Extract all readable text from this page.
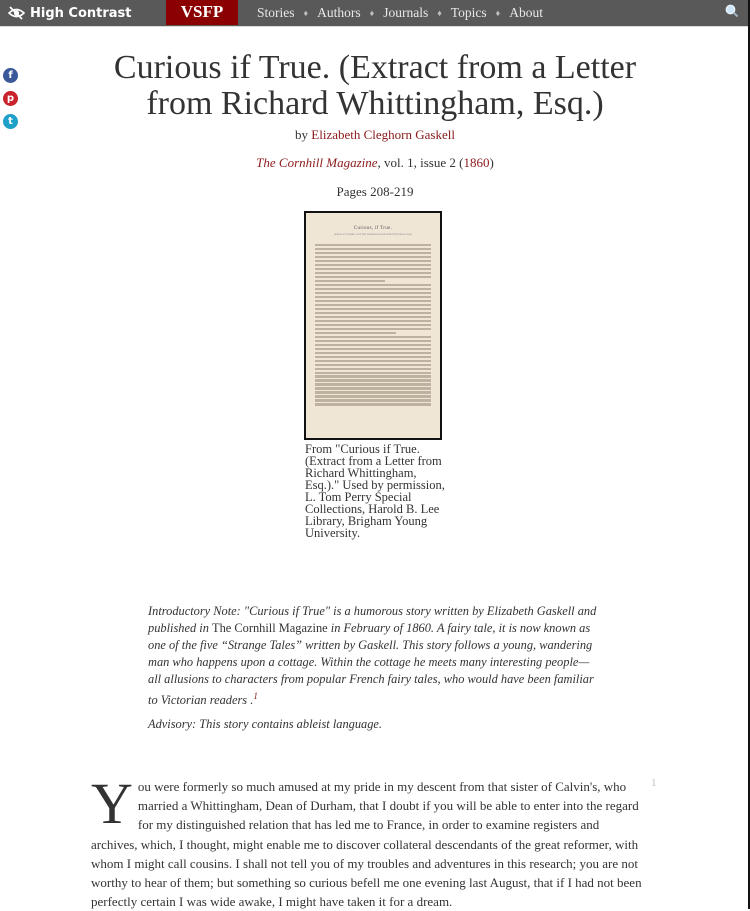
High Contrast	VSFP	Stories ♦ Authors ♦ Journals ♦ Topics ♦ About
f
p
t
Curious if True. (Extract from a Letter from Richard Whittingham, Esq.)
by Elizabeth Cleghorn Gaskell
The Cornhill Magazine, vol. 1, issue 2 (1860)
Pages 208-219
Curious, if True.
(EXTRACT FROM A LETTER FROM RICHARD WHITTINGHAM, ESQ.)
From "Curious if True. (Extract from a Letter from Richard Whittingham, Esq.)." Used by permission, L. Tom Perry Special Collections, Harold B. Lee Library, Brigham Young University.
Introductory Note: "Curious if True" is a humorous story written by Elizabeth Gaskell and published in The Cornhill Magazine in February of 1860. A fairy tale, it is now known as one of the five “Strange Tales” written by Gaskell. This story follows a young, wandering man who happens upon a cottage. Within the cottage he meets many interesting people— all allusions to characters from popular French fairy tales, who would have been familiar to Victorian readers .$^1$
Advisory: This story contains ableist language.
You were formerly so much amused at my pride in my descent from that sister of Calvin's, who married a Whittingham, Dean of Durham, that I doubt if you will be able to enter into the regard for my distinguished relation that has led me to France, in order to examine registers and archives, which, I thought, might enable me to discover collateral descendants of the great reformer, with whom I might call cousins. I shall not tell you of my troubles and adventures in this research; you are not worthy to hear of them; but something so curious befell me one evening last August, that if I had not been perfectly certain I was wide awake, I might have taken it for a dream.
1
